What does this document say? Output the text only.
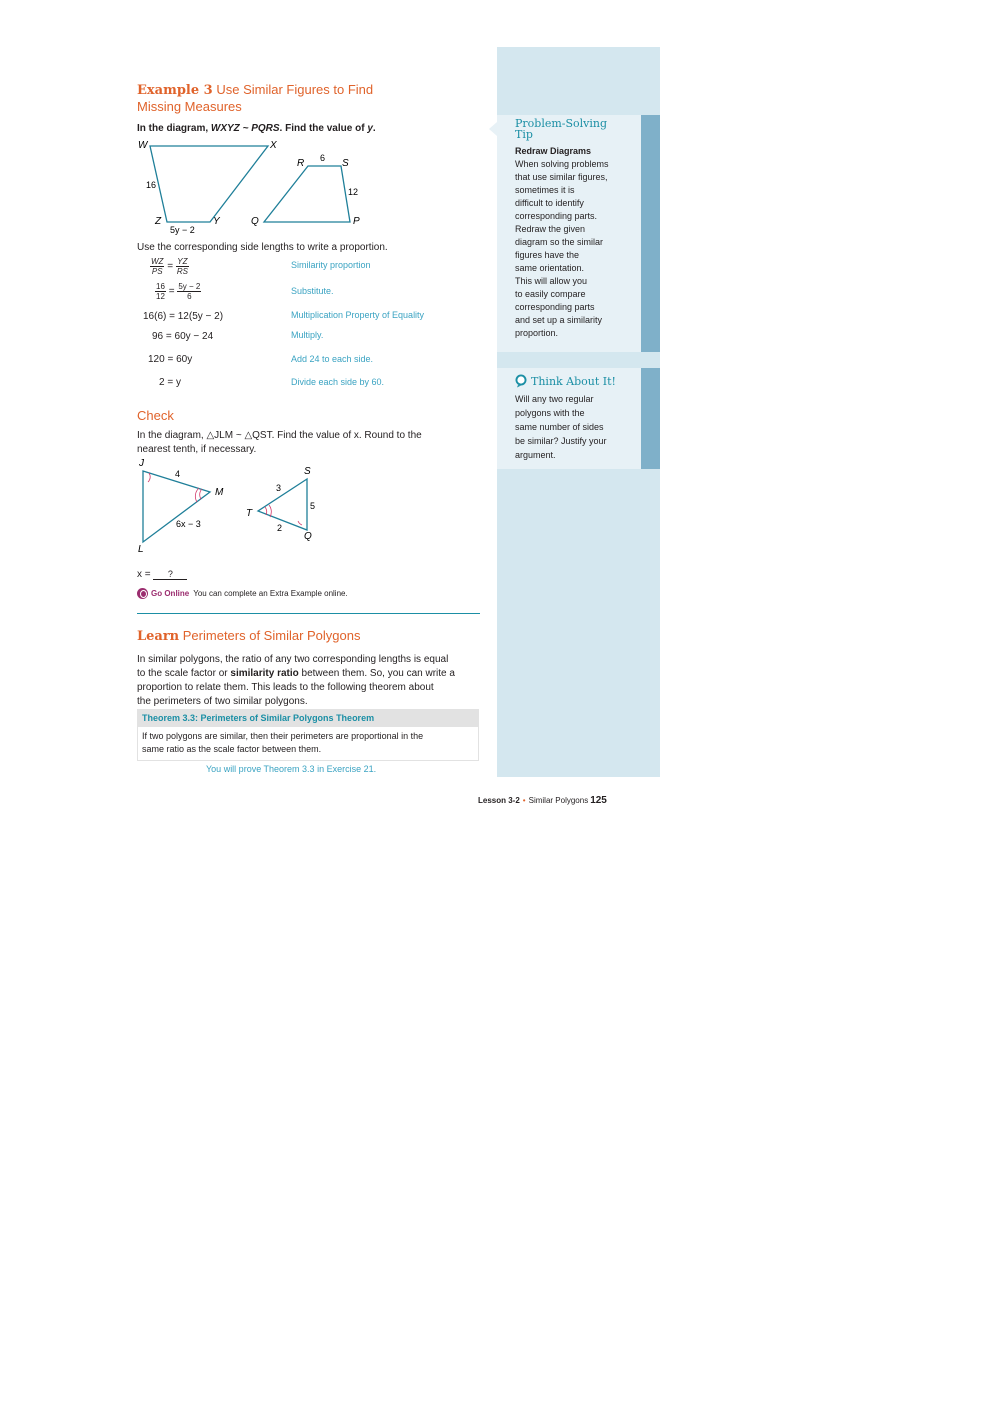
Problem-Solving
Tip
Redraw Diagrams
When solving problems
that use similar figures,
sometimes it is
difficult to identify
corresponding parts.
Redraw the given
diagram so the similar
figures have the
same orientation.
This will allow you
to easily compare
corresponding parts
and set up a similarity
proportion.
Think About It!
Will any two regular
polygons with the
same number of sides
be similar? Justify your
argument.
Example 3 Use Similar Figures to Find
Missing Measures
In the diagram, WXYZ ~ PQRS. Find the value of y.
W	X
Z	Y
16
5y − 2
R	S
Q	P
6
12
Use the corresponding side lengths to write a proportion.
$\frac{WZ}{PS} = \frac{YZ}{RS}$	Similarity proportion
$\frac{16}{12} = \frac{5y - 2}{6}$	Substitute.
16(6) = 12(5y − 2)	Multiplication Property of Equality
96 = 60y − 24	Multiply.
120 = 60y	Add 24 to each side.
2 = y	Divide each side by 60.
Check
In the diagram, △JLM ~ △QST. Find the value of x. Round to the
nearest tenth, if necessary.
J
M
L
4
6x − 3
S
T
Q
3
5
2
x = ?
Go Online You can complete an Extra Example online.
Learn Perimeters of Similar Polygons
In similar polygons, the ratio of any two corresponding lengths is equal
to the scale factor or similarity ratio between them. So, you can write a
proportion to relate them. This leads to the following theorem about
the perimeters of two similar polygons.
Theorem 3.3: Perimeters of Similar Polygons Theorem
If two polygons are similar, then their perimeters are proportional in the
same ratio as the scale factor between them.
You will prove Theorem 3.3 in Exercise 21.
Lesson 3-2 • Similar Polygons 125
